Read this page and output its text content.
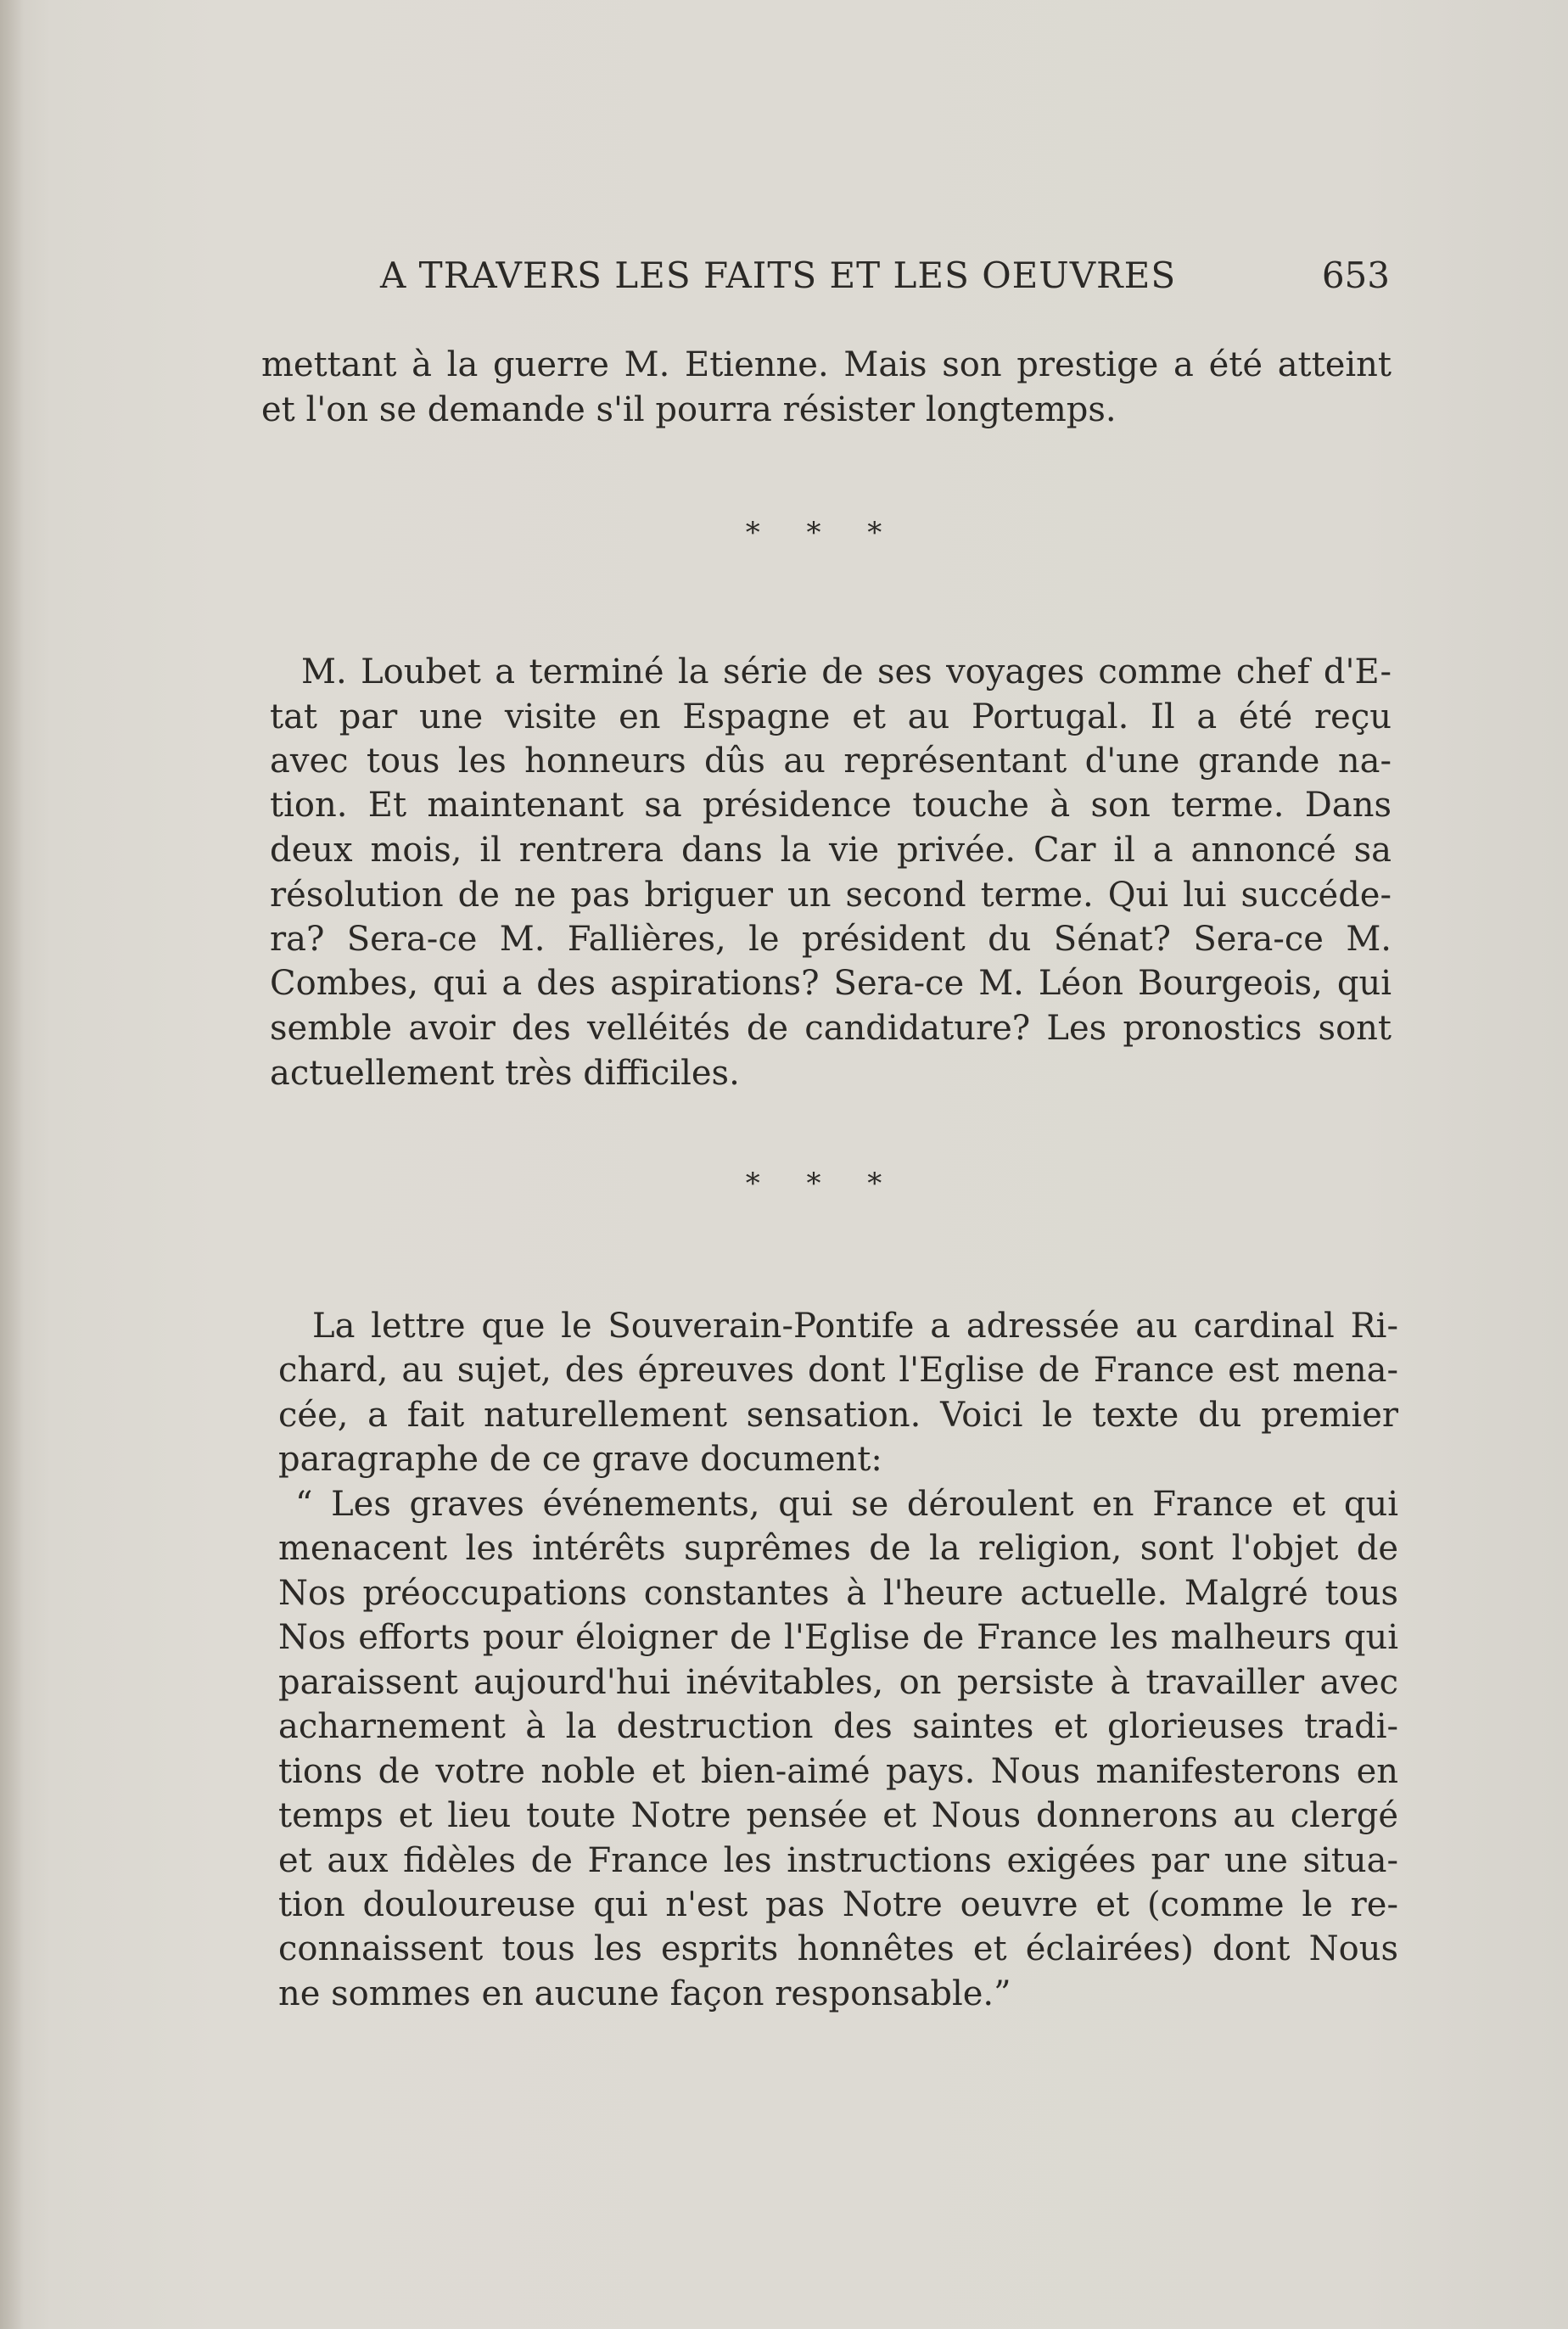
A TRAVERS LES FAITS ET LES OEUVRES	653
mettant à la guerre M. Etienne. Mais son prestige a été atteint
et l'on se demande s'il pourra résister longtemps.
* * *
M. Loubet a terminé la série de ses voyages comme chef d'E-
tat par une visite en Espagne et au Portugal. Il a été reçu
avec tous les honneurs dûs au représentant d'une grande na-
tion. Et maintenant sa présidence touche à son terme. Dans
deux mois, il rentrera dans la vie privée. Car il a annoncé sa
résolution de ne pas briguer un second terme. Qui lui succéde-
ra? Sera-ce M. Fallières, le président du Sénat? Sera-ce M.
Combes, qui a des aspirations? Sera-ce M. Léon Bourgeois, qui
semble avoir des velléités de candidature? Les pronostics sont
actuellement très difficiles.
* * *
La lettre que le Souverain-Pontife a adressée au cardinal Ri-
chard, au sujet, des épreuves dont l'Eglise de France est mena-
cée, a fait naturellement sensation. Voici le texte du premier
paragraphe de ce grave document:
“ Les graves événements, qui se déroulent en France et qui
menacent les intérêts suprêmes de la religion, sont l'objet de
Nos préoccupations constantes à l'heure actuelle. Malgré tous
Nos efforts pour éloigner de l'Eglise de France les malheurs qui
paraissent aujourd'hui inévitables, on persiste à travailler avec
acharnement à la destruction des saintes et glorieuses tradi-
tions de votre noble et bien-aimé pays. Nous manifesterons en
temps et lieu toute Notre pensée et Nous donnerons au clergé
et aux fidèles de France les instructions exigées par une situa-
tion douloureuse qui n'est pas Notre oeuvre et (comme le re-
connaissent tous les esprits honnêtes et éclairées) dont Nous
ne sommes en aucune façon responsable.”
